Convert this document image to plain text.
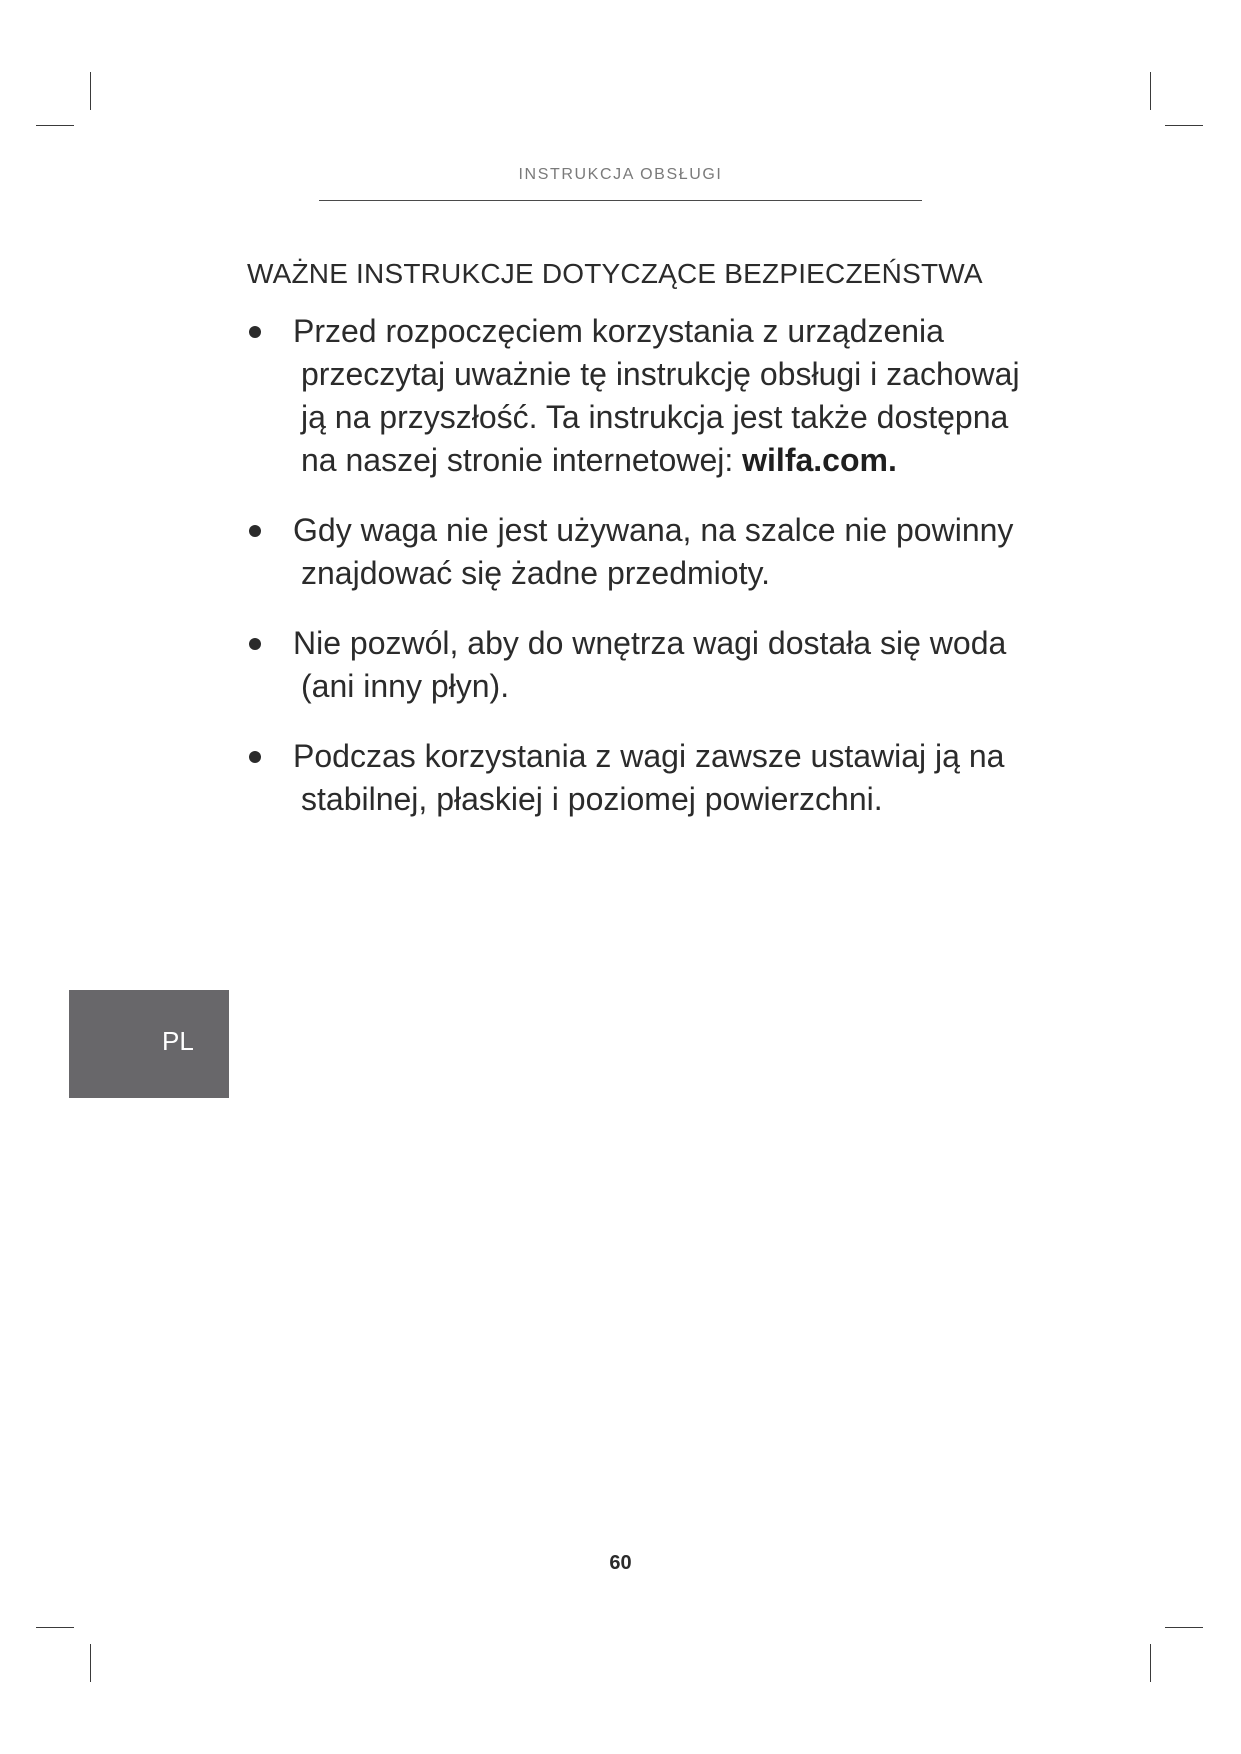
INSTRUKCJA OBSŁUGI
WAŻNE INSTRUKCJE DOTYCZĄCE BEZPIECZEŃSTWA
Przed rozpoczęciem korzystania z urządzenia
przeczytaj uważnie tę instrukcję obsługi i zachowaj
ją na przyszłość. Ta instrukcja jest także dostępna
na naszej stronie internetowej: wilfa.com.
Gdy waga nie jest używana, na szalce nie powinny
znajdować się żadne przedmioty.
Nie pozwól, aby do wnętrza wagi dostała się woda
(ani inny płyn).
Podczas korzystania z wagi zawsze ustawiaj ją na
stabilnej, płaskiej i poziomej powierzchni.
PL
60
